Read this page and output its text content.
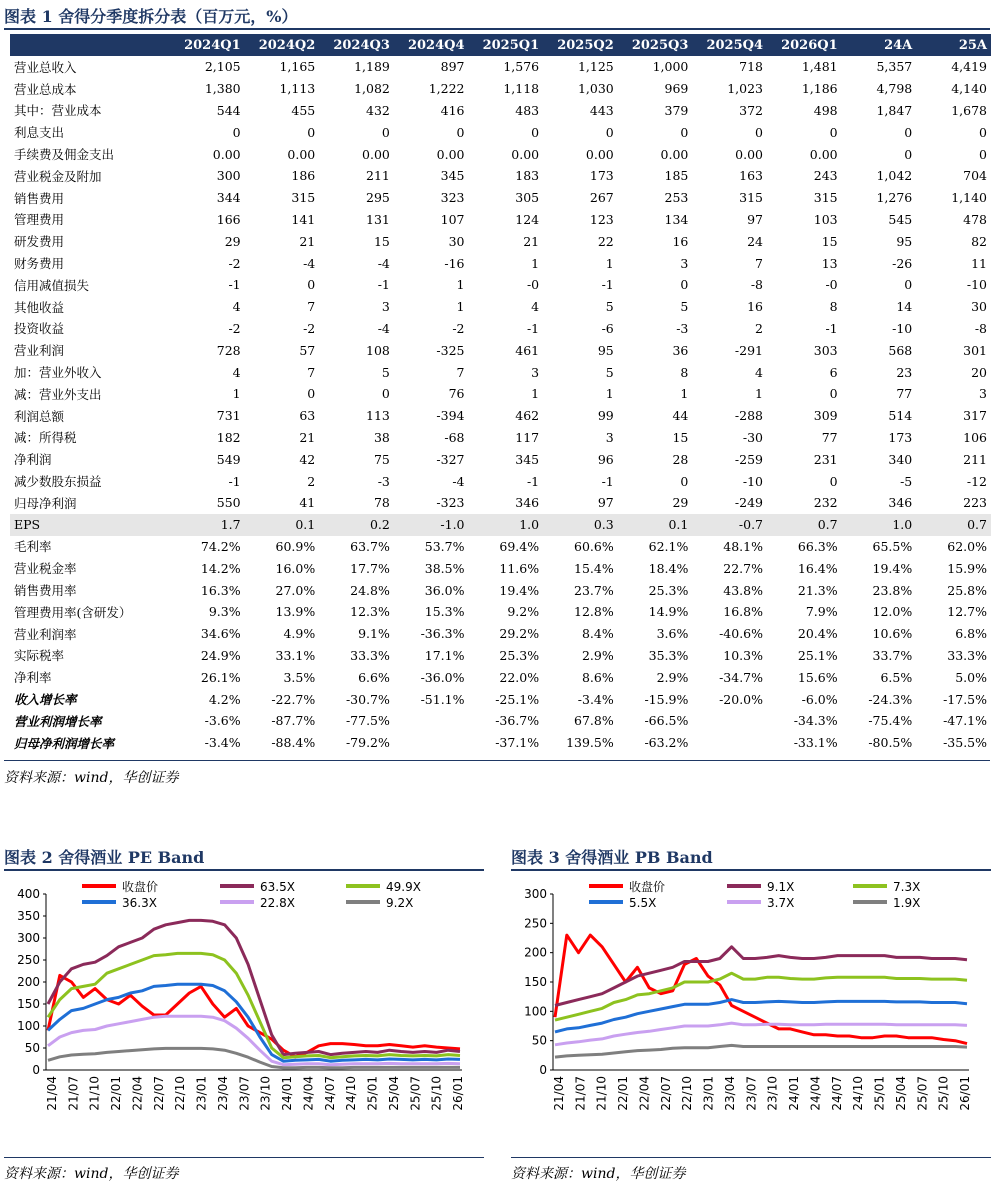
图表 1 舍得分季度拆分表（百万元，%）
	2024Q1	2024Q2	2024Q3	2024Q4	2025Q1	2025Q2	2025Q3	2025Q4	2026Q1	24A	25A
营业总收入	2,105	1,165	1,189	897	1,576	1,125	1,000	718	1,481	5,357	4,419
营业总成本	1,380	1,113	1,082	1,222	1,118	1,030	969	1,023	1,186	4,798	4,140
其中：营业成本	544	455	432	416	483	443	379	372	498	1,847	1,678
利息支出	0	0	0	0	0	0	0	0	0	0	0
手续费及佣金支出	0.00	0.00	0.00	0.00	0.00	0.00	0.00	0.00	0.00	0	0
营业税金及附加	300	186	211	345	183	173	185	163	243	1,042	704
销售费用	344	315	295	323	305	267	253	315	315	1,276	1,140
管理费用	166	141	131	107	124	123	134	97	103	545	478
研发费用	29	21	15	30	21	22	16	24	15	95	82
财务费用	-2	-4	-4	-16	1	1	3	7	13	-26	11
信用减值损失	-1	0	-1	1	-0	-1	0	-8	-0	0	-10
其他收益	4	7	3	1	4	5	5	16	8	14	30
投资收益	-2	-2	-4	-2	-1	-6	-3	2	-1	-10	-8
营业利润	728	57	108	-325	461	95	36	-291	303	568	301
加：营业外收入	4	7	5	7	3	5	8	4	6	23	20
减：营业外支出	1	0	0	76	1	1	1	1	0	77	3
利润总额	731	63	113	-394	462	99	44	-288	309	514	317
减：所得税	182	21	38	-68	117	3	15	-30	77	173	106
净利润	549	42	75	-327	345	96	28	-259	231	340	211
减少数股东损益	-1	2	-3	-4	-1	-1	0	-10	0	-5	-12
归母净利润	550	41	78	-323	346	97	29	-249	232	346	223
EPS	1.7	0.1	0.2	-1.0	1.0	0.3	0.1	-0.7	0.7	1.0	0.7
毛利率	74.2%	60.9%	63.7%	53.7%	69.4%	60.6%	62.1%	48.1%	66.3%	65.5%	62.0%
营业税金率	14.2%	16.0%	17.7%	38.5%	11.6%	15.4%	18.4%	22.7%	16.4%	19.4%	15.9%
销售费用率	16.3%	27.0%	24.8%	36.0%	19.4%	23.7%	25.3%	43.8%	21.3%	23.8%	25.8%
管理费用率(含研发）	9.3%	13.9%	12.3%	15.3%	9.2%	12.8%	14.9%	16.8%	7.9%	12.0%	12.7%
营业利润率	34.6%	4.9%	9.1%	-36.3%	29.2%	8.4%	3.6%	-40.6%	20.4%	10.6%	6.8%
实际税率	24.9%	33.1%	33.3%	17.1%	25.3%	2.9%	35.3%	10.3%	25.1%	33.7%	33.3%
净利率	26.1%	3.5%	6.6%	-36.0%	22.0%	8.6%	2.9%	-34.7%	15.6%	6.5%	5.0%
收入增长率	4.2%	-22.7%	-30.7%	-51.1%	-25.1%	-3.4%	-15.9%	-20.0%	-6.0%	-24.3%	-17.5%
营业利润增长率	-3.6%	-87.7%	-77.5%		-36.7%	67.8%	-66.5%		-34.3%	-75.4%	-47.1%
归母净利润增长率	-3.4%	-88.4%	-79.2%		-37.1%	139.5%	-63.2%		-33.1%	-80.5%	-35.5%
资料来源：wind，华创证券
图表 2 舍得酒业 PE Band	图表 3 舍得酒业 PB Band
0
50
100
150
200
250
300
350
400
21/04 21/07 21/10 22/01 22/04 22/07 22/10 23/01 23/04 23/07 23/10 24/01 24/04 24/07 24/10 25/01 25/04 25/07 25/10 26/01
收盘价	63.5X	49.9X
36.3X	22.8X	9.2X
0
50
100
150
200
250
300
21/04 21/07 21/10 22/01 22/04 22/07 22/10 23/01 23/04 23/07 23/10 24/01 24/04 24/07 24/10 25/01 25/04 25/07 25/10 26/01
收盘价	9.1X	7.3X
5.5X	3.7X	1.9X
资料来源：wind，华创证券	资料来源：wind，华创证券
